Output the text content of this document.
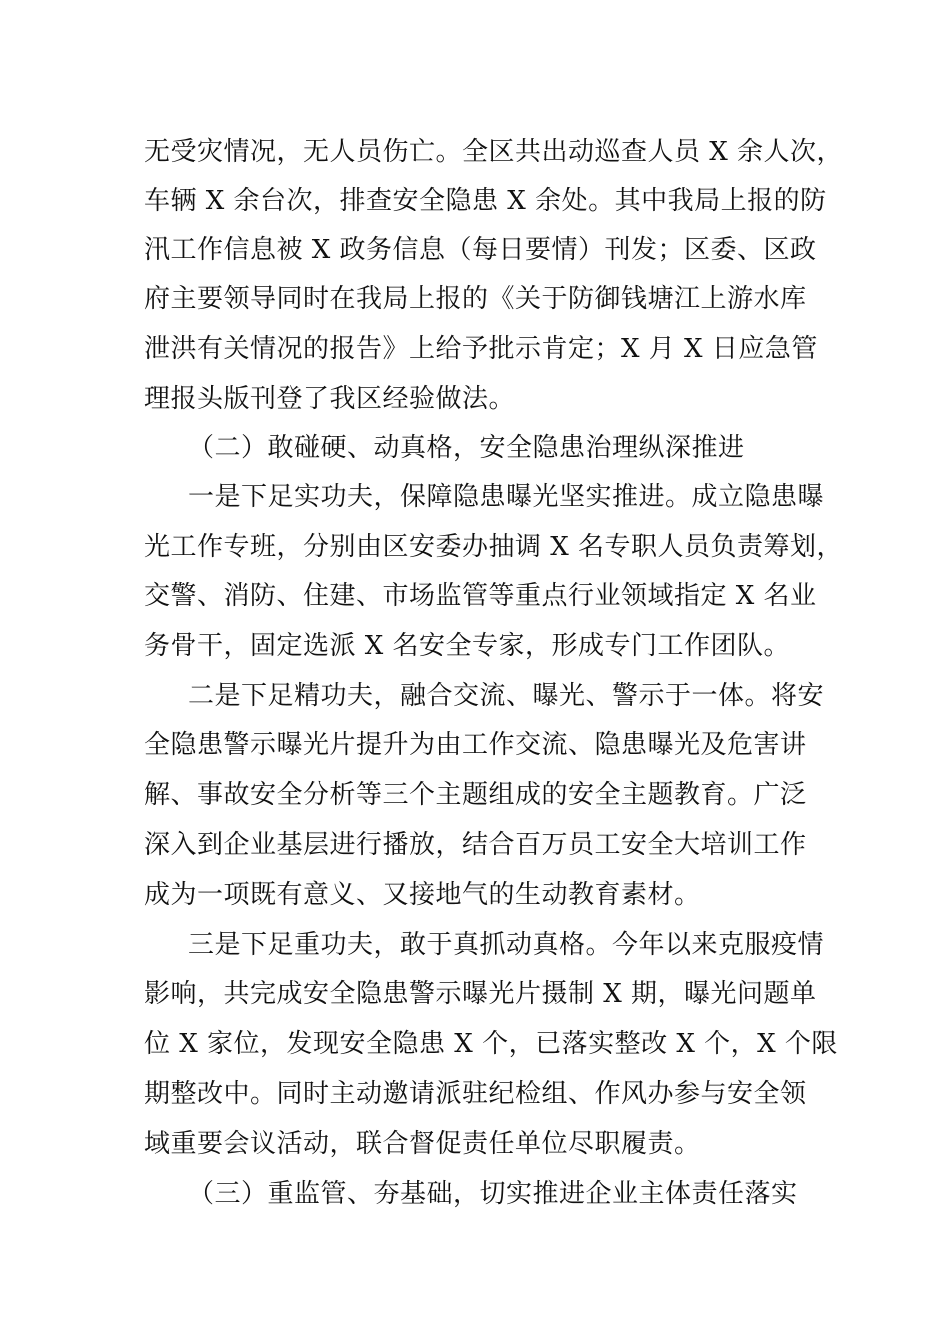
无受灾情况，无人员伤亡。全区共出动巡查人员 X 余人次，
车辆 X 余台次，排查安全隐患 X 余处。其中我局上报的防
汛工作信息被 X 政务信息（每日要情）刊发；区委、区政
府主要领导同时在我局上报的《关于防御钱塘江上游水库
泄洪有关情况的报告》上给予批示肯定；X 月 X 日应急管
理报头版刊登了我区经验做法。
（二）敢碰硬、动真格，安全隐患治理纵深推进
一是下足实功夫，保障隐患曝光坚实推进。成立隐患曝
光工作专班，分别由区安委办抽调 X 名专职人员负责筹划，
交警、消防、住建、市场监管等重点行业领域指定 X 名业
务骨干，固定选派 X 名安全专家，形成专门工作团队。
二是下足精功夫，融合交流、曝光、警示于一体。将安
全隐患警示曝光片提升为由工作交流、隐患曝光及危害讲
解、事故安全分析等三个主题组成的安全主题教育。广泛
深入到企业基层进行播放，结合百万员工安全大培训工作
成为一项既有意义、又接地气的生动教育素材。
三是下足重功夫，敢于真抓动真格。今年以来克服疫情
影响，共完成安全隐患警示曝光片摄制 X 期，曝光问题单
位 X 家位，发现安全隐患 X 个，已落实整改 X 个，X 个限
期整改中。同时主动邀请派驻纪检组、作风办参与安全领
域重要会议活动，联合督促责任单位尽职履责。
（三）重监管、夯基础，切实推进企业主体责任落实
